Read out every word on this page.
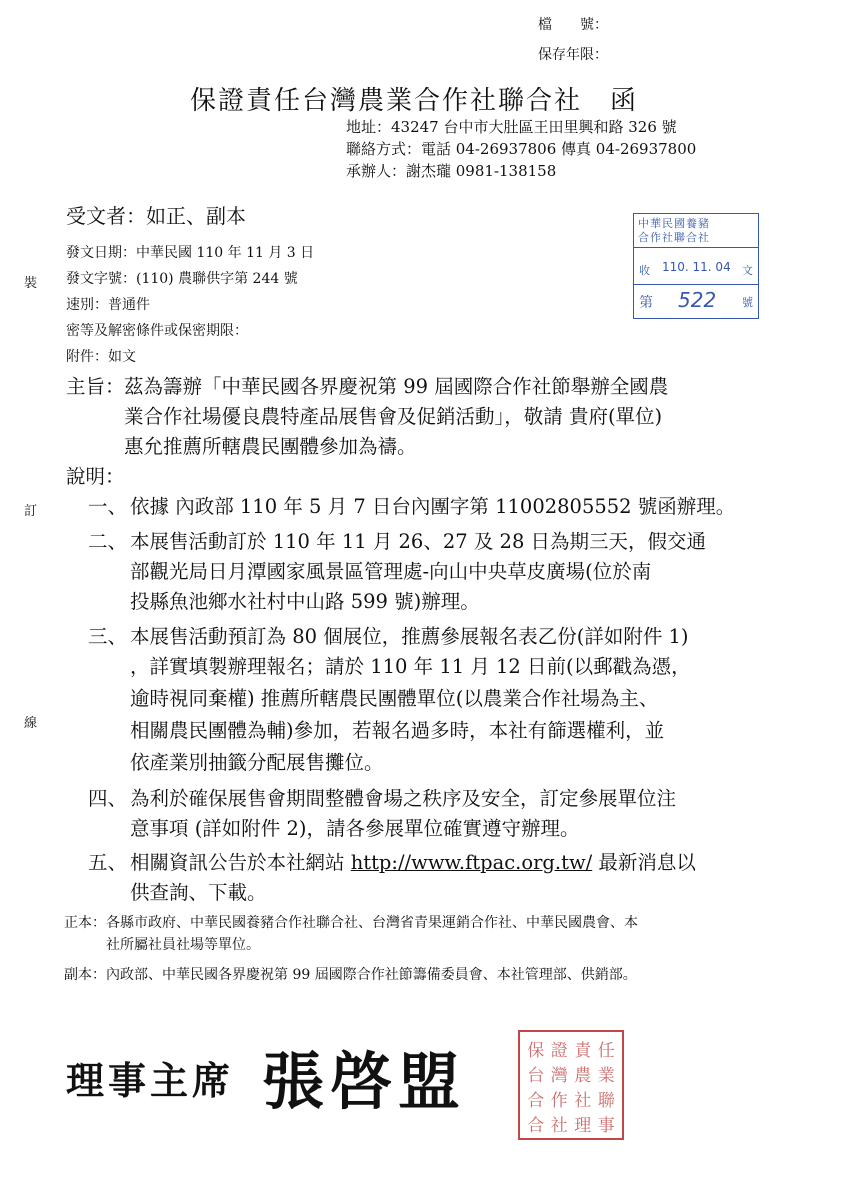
檔　　號：
保存年限：
保證責任台灣農業合作社聯合社　函
地址：43247 台中市大肚區王田里興和路 326 號
聯絡方式：電話 04-26937806 傳真 04-26937800
承辦人：謝杰瓏 0981-138158
受文者：如正、副本
發文日期：中華民國 110 年 11 月 3 日
發文字號：(110) 農聯供字第 244 號
速別：普通件
密等及解密條件或保密期限：
附件：如文
裝
訂
線
中華民國養豬
合作社聯合社
收 110. 11. 04 文
第 522 號
主旨： 茲為籌辦「中華民國各界慶祝第 99 屆國際合作社節舉辦全國農
業合作社場優良農特產品展售會及促銷活動」，敬請 貴府(單位)
惠允推薦所轄農民團體參加為禱。
說明：
一、 依據 內政部 110 年 5 月 7 日台內團字第 11002805552 號函辦理。
二、 本展售活動訂於 110 年 11 月 26、27 及 28 日為期三天，假交通
部觀光局日月潭國家風景區管理處-向山中央草皮廣場(位於南
投縣魚池鄉水社村中山路 599 號)辦理。
三、 本展售活動預訂為 80 個展位，推薦參展報名表乙份(詳如附件 1)
，詳實填製辦理報名；請於 110 年 11 月 12 日前(以郵戳為憑，
逾時視同棄權) 推薦所轄農民團體單位(以農業合作社場為主、
相關農民團體為輔)參加，若報名過多時，本社有篩選權利，並
依產業別抽籤分配展售攤位。
四、 為利於確保展售會期間整體會場之秩序及安全，訂定參展單位注
意事項 (詳如附件 2)，請各參展單位確實遵守辦理。
五、 相關資訊公告於本社網站 http://www.ftpac.org.tw/ 最新消息以
供查詢、下載。
正本：各縣市政府、中華民國養豬合作社聯合社、台灣省青果運銷合作社、中華民國農會、本
社所屬社員社場等單位。
副本：內政部、中華民國各界慶祝第 99 屆國際合作社節籌備委員會、本社管理部、供銷部。
理事主席 張啓盟	保 證 責 任
台 灣 農 業
合 作 社 聯
合 社 理 事
